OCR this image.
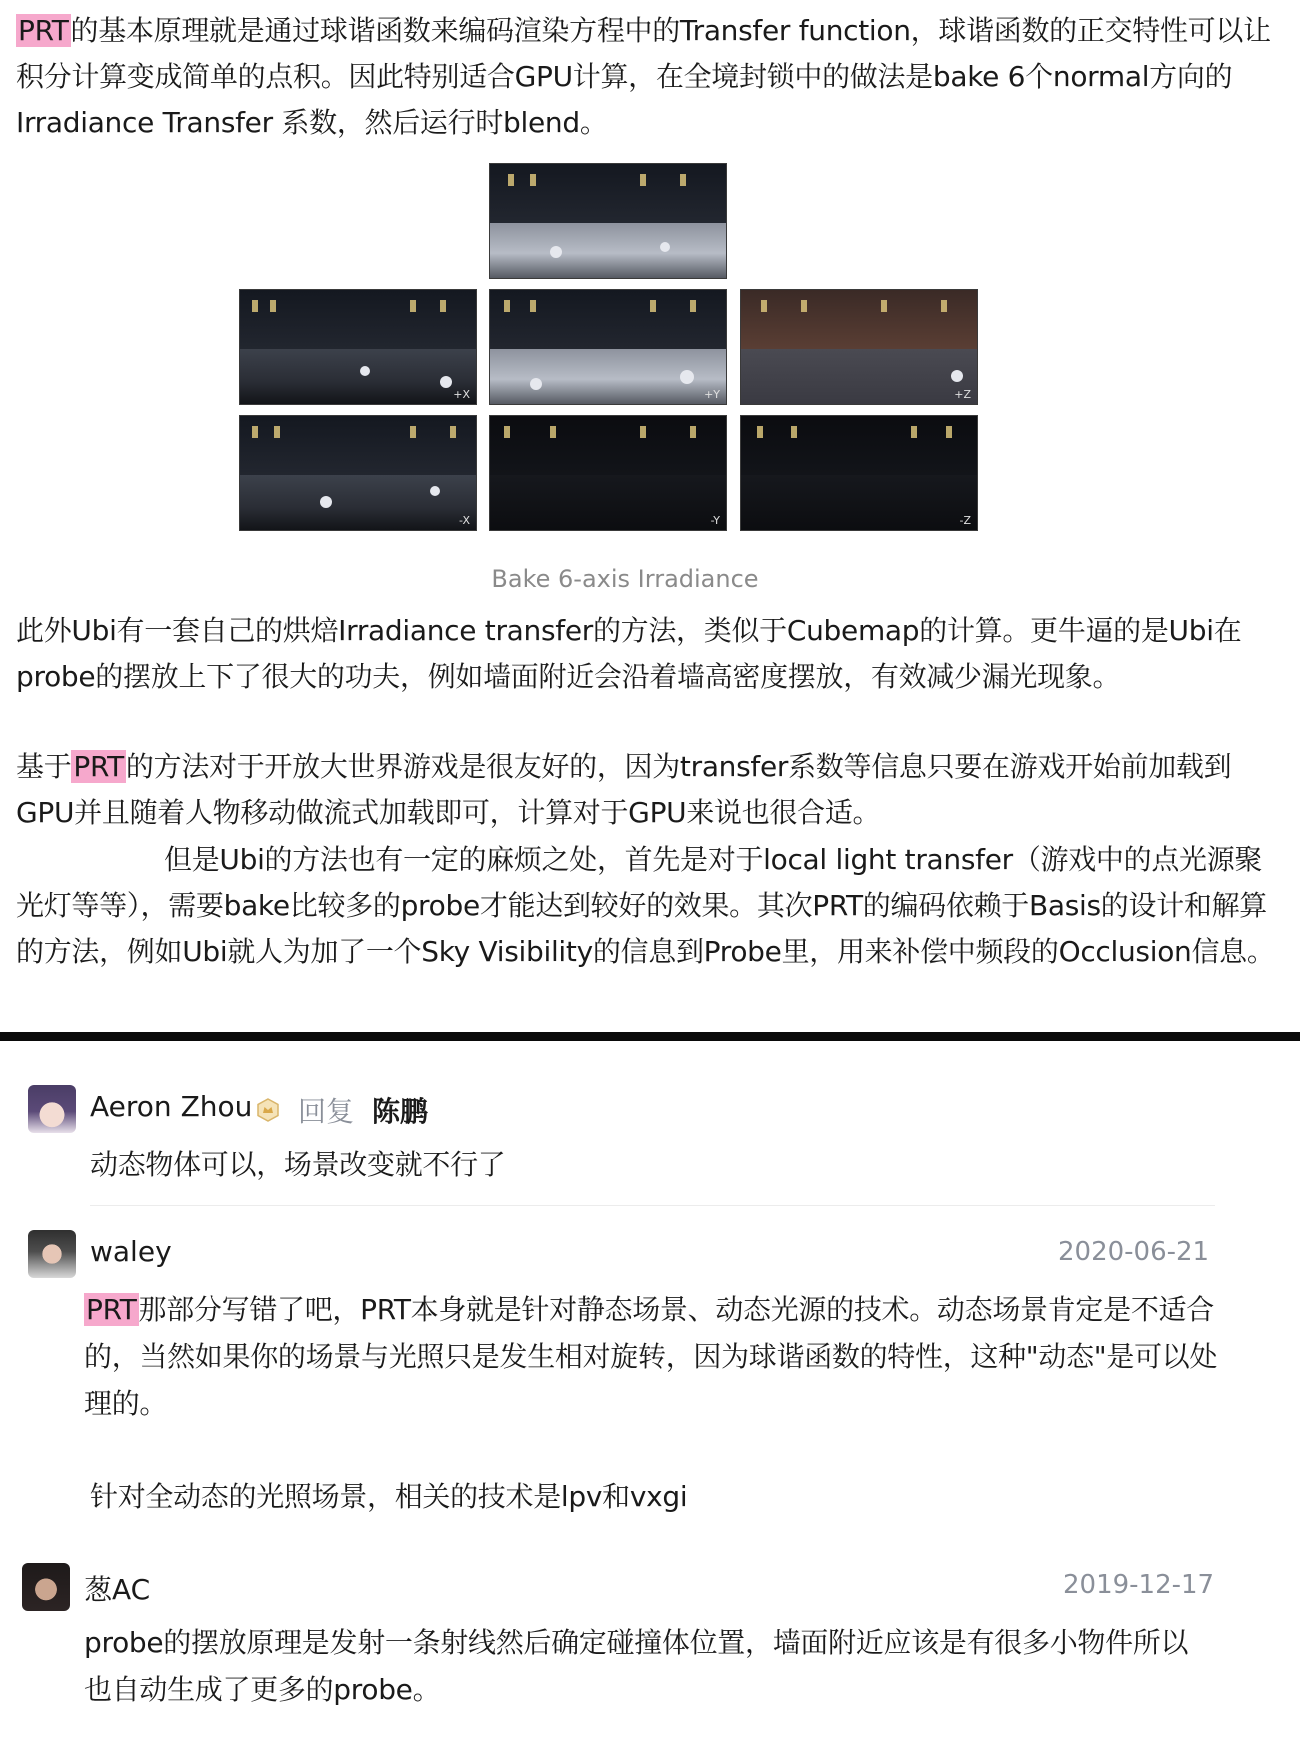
PRT的基本原理就是通过球谐函数来编码渲染方程中的Transfer function，球谐函数的正交特性可以让积分计算变成简单的点积。因此特别适合GPU计算，在全境封锁中的做法是bake 6个normal方向的Irradiance Transfer 系数，然后运行时blend。

+X	+Y	+Z
-X	-Y	-Z
Bake 6-axis Irradiance

此外Ubi有一套自己的烘焙Irradiance transfer的方法，类似于Cubemap的计算。更牛逼的是Ubi在probe的摆放上下了很大的功夫，例如墙面附近会沿着墙高密度摆放，有效减少漏光现象。

基于PRT的方法对于开放大世界游戏是很友好的，因为transfer系数等信息只要在游戏开始前加载到GPU并且随着人物移动做流式加载即可，计算对于GPU来说也很合适。

但是Ubi的方法也有一定的麻烦之处，首先是对于local light transfer（游戏中的点光源聚光灯等等），需要bake比较多的probe才能达到较好的效果。其次PRT的编码依赖于Basis的设计和解算的方法，例如Ubi就人为加了一个Sky Visibility的信息到Probe里，用来补偿中频段的Occlusion信息。

Aeron Zhou 回复 陈鹏
动态物体可以，场景改变就不行了
waley	2020-06-21
PRT那部分写错了吧，PRT本身就是针对静态场景、动态光源的技术。动态场景肯定是不适合的，当然如果你的场景与光照只是发生相对旋转，因为球谐函数的特性，这种"动态"是可以处理的。
针对全动态的光照场景，相关的技术是lpv和vxgi
葱AC	2019-12-17
probe的摆放原理是发射一条射线然后确定碰撞体位置，墙面附近应该是有很多小物件所以也自动生成了更多的probe。
